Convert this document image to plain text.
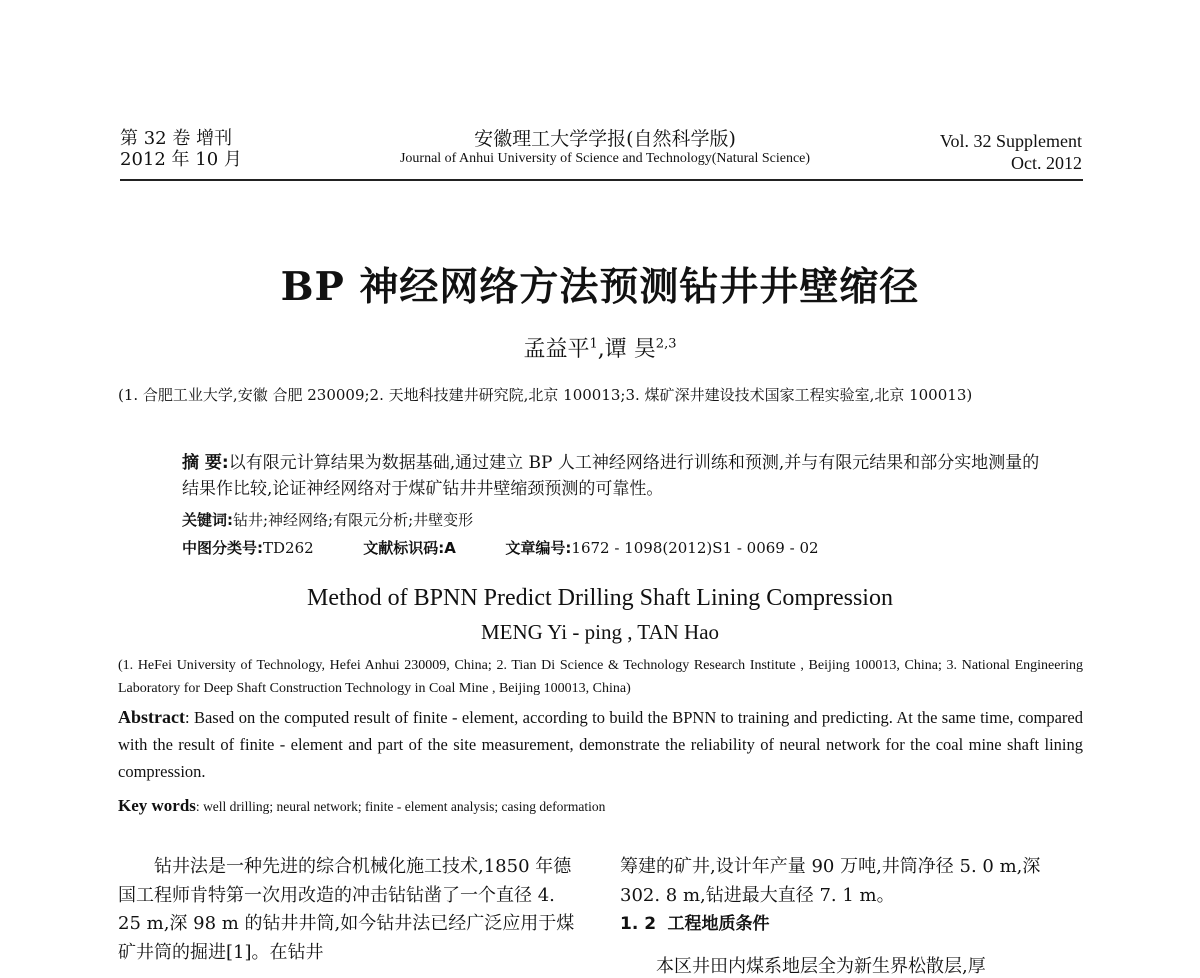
第 32 卷 增刊
2012 年 10 月
安徽理工大学学报(自然科学版)
Journal of Anhui University of Science and Technology(Natural Science)
Vol. 32 Supplement
Oct. 2012
BP 神经网络方法预测钻井井壁缩径
孟益平$^1$,谭 昊$^{2,3}$
(1. 合肥工业大学,安徽 合肥 230009;2. 天地科技建井研究院,北京 100013;3. 煤矿深井建设技术国家工程实验室,北京 100013)
摘 要:以有限元计算结果为数据基础,通过建立 BP 人工神经网络进行训练和预测,并与有限元结果和部分实地测量的结果作比较,论证神经网络对于煤矿钻井井壁缩颈预测的可靠性。
关键词:钻井;神经网络;有限元分析;井壁变形
中图分类号:TD262	文献标识码:A	文章编号:1672 - 1098(2012)S1 - 0069 - 02
Method of BPNN Predict Drilling Shaft Lining Compression
MENG Yi - ping , TAN Hao
(1. HeFei University of Technology, Hefei Anhui 230009, China; 2. Tian Di Science & Technology Research Institute , Beijing 100013, China; 3. National Engineering Laboratory for Deep Shaft Construction Technology in Coal Mine , Beijing 100013, China)
Abstract: Based on the computed result of finite - element, according to build the BPNN to training and predicting. At the same time, compared with the result of finite - element and part of the site measurement, demonstrate the reliability of neural network for the coal mine shaft lining compression.
Key words: well drilling; neural network; finite - element analysis; casing deformation
钻井法是一种先进的综合机械化施工技术,1850 年德国工程师肯特第一次用改造的冲击钻钻凿了一个直径 4. 25 m,深 98 m 的钻井井筒,如今钻井法已经广泛应用于煤矿井筒的掘进[1]。在钻井
筹建的矿井,设计年产量 90 万吨,井筒净径 5. 0 m,深 302. 8 m,钻进最大直径 7. 1 m。
1. 2 工程地质条件
本区井田内煤系地层全为新生界松散层,厚
